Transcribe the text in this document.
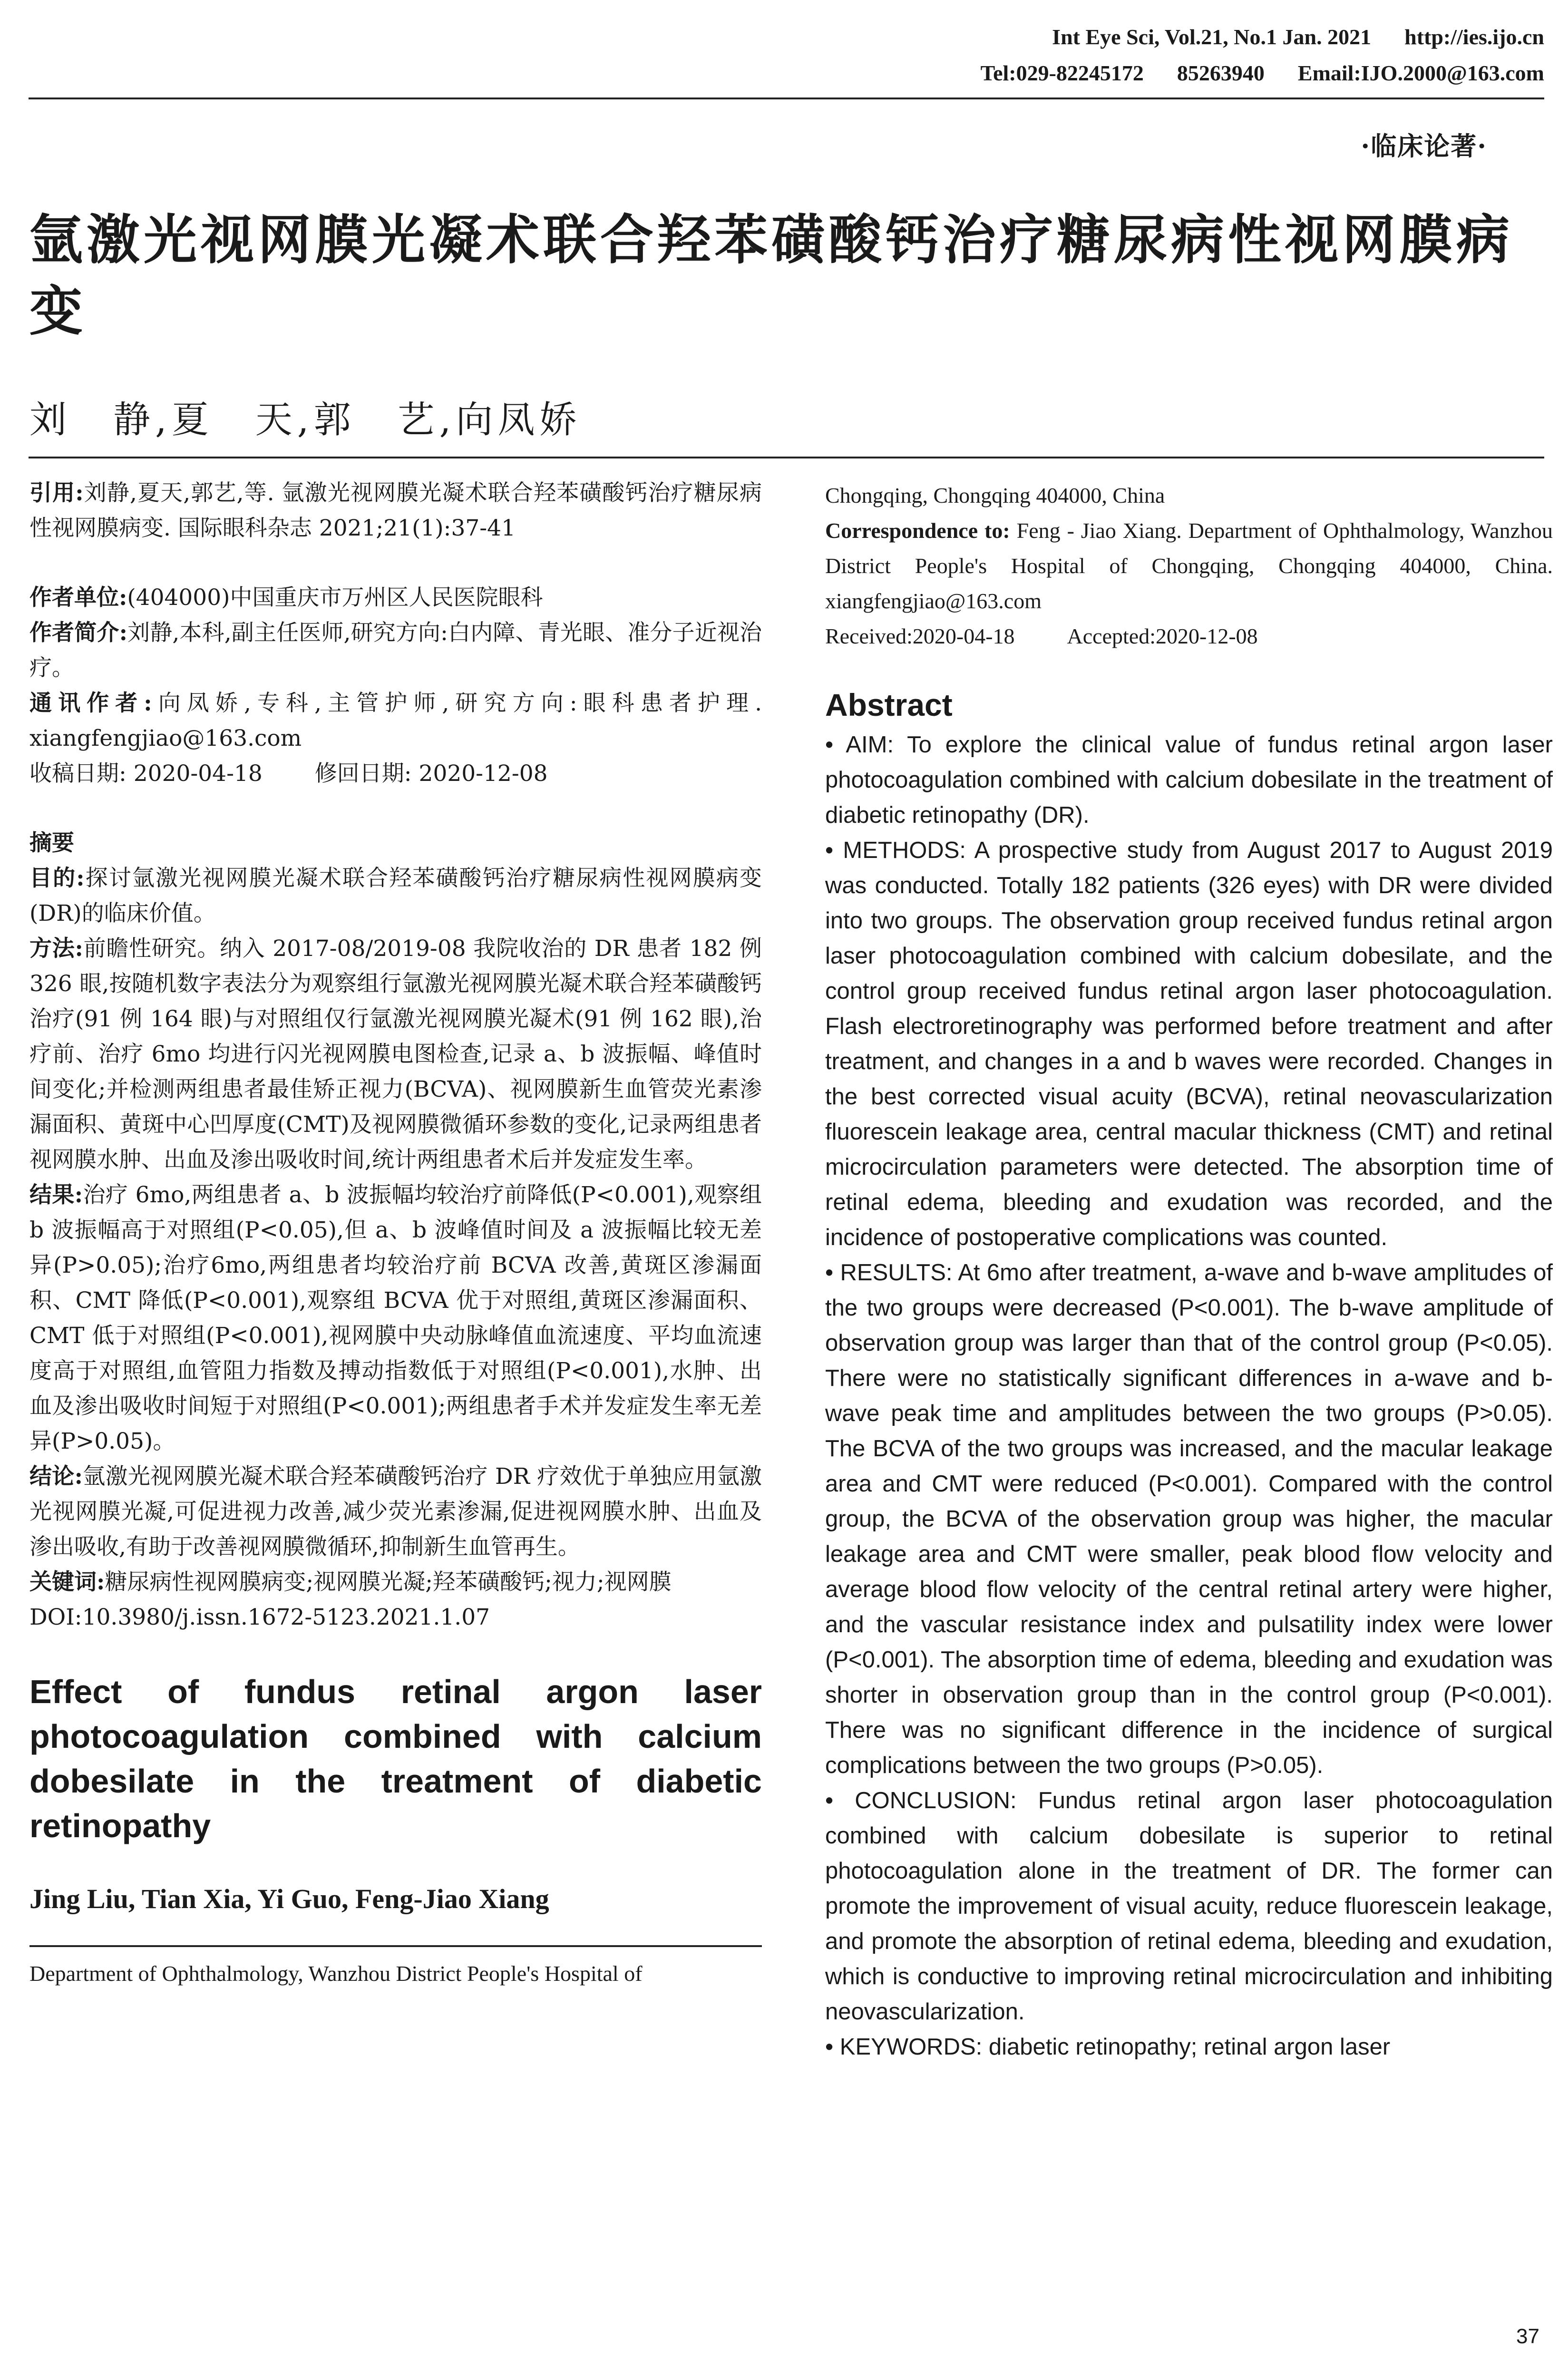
Int Eye Sci, Vol.21, No.1 Jan. 2021 http://ies.ijo.cn
Tel:029-82245172 85263940 Email:IJO.2000@163.com
·临床论著·
氩激光视网膜光凝术联合羟苯磺酸钙治疗糖尿病性视网膜病变
刘　静,夏　天,郭　艺,向凤娇

引用:刘静,夏天,郭艺,等. 氩激光视网膜光凝术联合羟苯磺酸钙治疗糖尿病性视网膜病变. 国际眼科杂志 2021;21(1):37-41

作者单位:(404000)中国重庆市万州区人民医院眼科

作者简介:刘静,本科,副主任医师,研究方向:白内障、青光眼、准分子近视治疗。

通讯作者:向凤娇,专科,主管护师,研究方向:眼科患者护理. xiangfengjiao@163.com

收稿日期: 2020-04-18 修回日期: 2020-12-08

摘要

目的:探讨氩激光视网膜光凝术联合羟苯磺酸钙治疗糖尿病性视网膜病变(DR)的临床价值。

方法:前瞻性研究。纳入 2017-08/2019-08 我院收治的 DR 患者 182 例 326 眼,按随机数字表法分为观察组行氩激光视网膜光凝术联合羟苯磺酸钙治疗(91 例 164 眼)与对照组仅行氩激光视网膜光凝术(91 例 162 眼),治疗前、治疗 6mo 均进行闪光视网膜电图检查,记录 a、b 波振幅、峰值时间变化;并检测两组患者最佳矫正视力(BCVA)、视网膜新生血管荧光素渗漏面积、黄斑中心凹厚度(CMT)及视网膜微循环参数的变化,记录两组患者视网膜水肿、出血及渗出吸收时间,统计两组患者术后并发症发生率。

结果:治疗 6mo,两组患者 a、b 波振幅均较治疗前降低(P<0.001),观察组 b 波振幅高于对照组(P<0.05),但 a、b 波峰值时间及 a 波振幅比较无差异(P>0.05);治疗6mo,两组患者均较治疗前 BCVA 改善,黄斑区渗漏面积、CMT 降低(P<0.001),观察组 BCVA 优于对照组,黄斑区渗漏面积、CMT 低于对照组(P<0.001),视网膜中央动脉峰值血流速度、平均血流速度高于对照组,血管阻力指数及搏动指数低于对照组(P<0.001),水肿、出血及渗出吸收时间短于对照组(P<0.001);两组患者手术并发症发生率无差异(P>0.05)。

结论:氩激光视网膜光凝术联合羟苯磺酸钙治疗 DR 疗效优于单独应用氩激光视网膜光凝,可促进视力改善,减少荧光素渗漏,促进视网膜水肿、出血及渗出吸收,有助于改善视网膜微循环,抑制新生血管再生。

关键词:糖尿病性视网膜病变;视网膜光凝;羟苯磺酸钙;视力;视网膜

DOI:10.3980/j.issn.1672-5123.2021.1.07

Effect of fundus retinal argon laser photocoagulation combined with calcium dobesilate in the treatment of diabetic retinopathy

Jing Liu, Tian Xia, Yi Guo, Feng-Jiao Xiang
Department of Ophthalmology, Wanzhou District People's Hospital of
Chongqing, Chongqing 404000, China
Correspondence to: Feng - Jiao Xiang. Department of Ophthalmology, Wanzhou District People's Hospital of Chongqing, Chongqing 404000, China. xiangfengjiao@163.com
Received:2020-04-18 Accepted:2020-12-08
Abstract

• AIM: To explore the clinical value of fundus retinal argon laser photocoagulation combined with calcium dobesilate in the treatment of diabetic retinopathy (DR).

• METHODS: A prospective study from August 2017 to August 2019 was conducted. Totally 182 patients (326 eyes) with DR were divided into two groups. The observation group received fundus retinal argon laser photocoagulation combined with calcium dobesilate, and the control group received fundus retinal argon laser photocoagulation. Flash electroretinography was performed before treatment and after treatment, and changes in a and b waves were recorded. Changes in the best corrected visual acuity (BCVA), retinal neovascularization fluorescein leakage area, central macular thickness (CMT) and retinal microcirculation parameters were detected. The absorption time of retinal edema, bleeding and exudation was recorded, and the incidence of postoperative complications was counted.

• RESULTS: At 6mo after treatment, a-wave and b-wave amplitudes of the two groups were decreased (P<0.001). The b-wave amplitude of observation group was larger than that of the control group (P<0.05). There were no statistically significant differences in a-wave and b-wave peak time and amplitudes between the two groups (P>0.05). The BCVA of the two groups was increased, and the macular leakage area and CMT were reduced (P<0.001). Compared with the control group, the BCVA of the observation group was higher, the macular leakage area and CMT were smaller, peak blood flow velocity and average blood flow velocity of the central retinal artery were higher, and the vascular resistance index and pulsatility index were lower (P<0.001). The absorption time of edema, bleeding and exudation was shorter in observation group than in the control group (P<0.001). There was no significant difference in the incidence of surgical complications between the two groups (P>0.05).

• CONCLUSION: Fundus retinal argon laser photocoagulation combined with calcium dobesilate is superior to retinal photocoagulation alone in the treatment of DR. The former can promote the improvement of visual acuity, reduce fluorescein leakage, and promote the absorption of retinal edema, bleeding and exudation, which is conductive to improving retinal microcirculation and inhibiting neovascularization.

• KEYWORDS: diabetic retinopathy; retinal argon laser

37
